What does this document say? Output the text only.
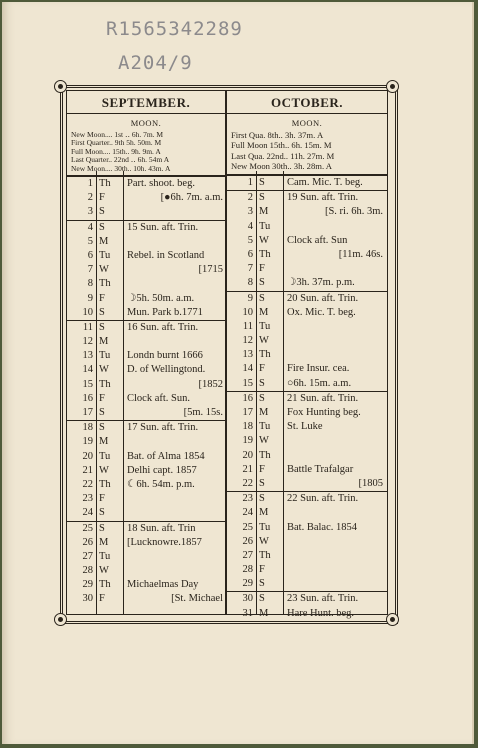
R1565342289
A204/9
SEPTEMBER.
MOON.
New Moon.... 1st ‥ 6h. 7m. M
First Quarter.. 9th 5h. 50m. M
Full Moon.... 15th.. 9h. 9m. A
Last Quarter.. 22nd ‥ 6h. 54m A
New Moon.... 30th.. 10h. 43m. A
1 Th	Part. shoot. beg.
2 F	[●6h. 7m. a.m.
3 S
4 S	15 Sun. aft. Trin.
5 M
6 Tu	Rebel. in Scotland
7 W	[1715
8 Th
9 F	☽5h. 50m. a.m.
10 S	Mun. Park b.1771
11 S	16 Sun. aft. Trin.
12 M
13 Tu	Londn burnt 1666
14 W	D. of Wellingtond.
15 Th	[1852
16 F	Clock aft. Sun.
17 S	[5m. 15s.
18 S	17 Sun. aft. Trin.
19 M
20 Tu	Bat. of Alma 1854
21 W	Delhi capt. 1857
22 Th	☾6h. 54m. p.m.
23 F
24 S
25 S	18 Sun. aft. Trin
26 M	[Lucknowre.1857
27 Tu
28 W
29 Th	Michaelmas Day
30 F	[St. Michael
OCTOBER.
MOON.
First Qua. 8th.. 3h. 37m. A
Full Moon 15th.. 6h. 15m. M
Last Qua. 22nd.. 11h. 27m. M
New Moon 30th.. 3h. 28m. A
1 S	Cam. Mic. T. beg.
2 S	19 Sun. aft. Trin.
3 M	[S. ri. 6h. 3m.
4 Tu
5 W	Clock aft. Sun
6 Th	[11m. 46s.
7 F
8 S	☽3h. 37m. p.m.
9 S	20 Sun. aft. Trin.
10 M	Ox. Mic. T. beg.
11 Tu
12 W
13 Th
14 F	Fire Insur. cea.
15 S	○6h. 15m. a.m.
16 S	21 Sun. aft. Trin.
17 M	Fox Hunting beg.
18 Tu	St. Luke
19 W
20 Th
21 F	Battle Trafalgar
22 S	[1805
23 S	22 Sun. aft. Trin.
24 M
25 Tu	Bat. Balac. 1854
26 W
27 Th
28 F
29 S
30 S	23 Sun. aft. Trin.
31 M	Hare Hunt. beg.
